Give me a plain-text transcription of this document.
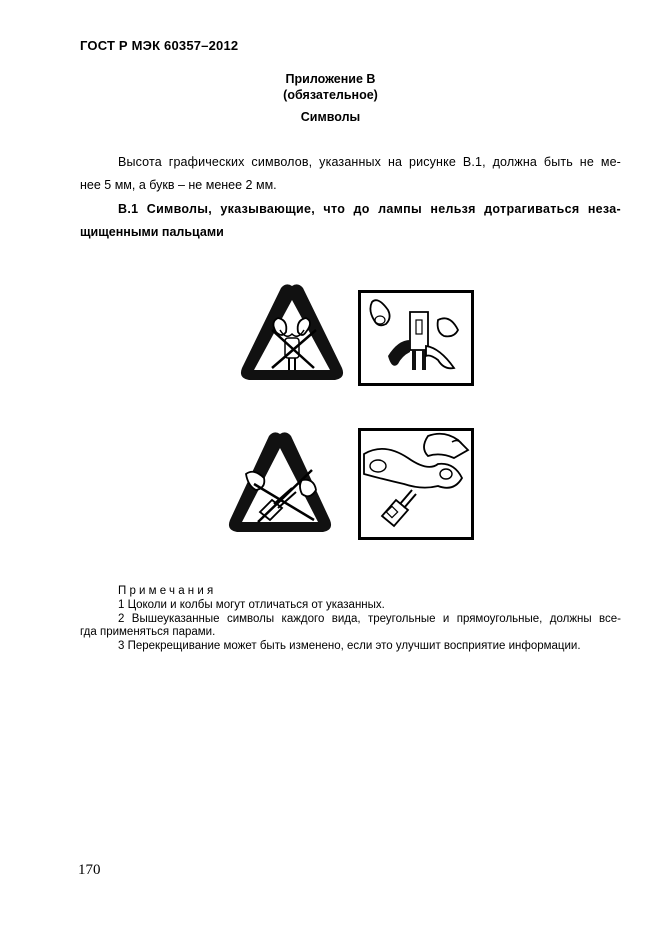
ГОСТ Р МЭК 60357–2012
Приложение В
(обязательное)
Символы
Высота графических символов, указанных на рисунке В.1, должна быть не ме-
нее 5 мм, а букв – не менее 2 мм.
В.1 Символы, указывающие, что до лампы нельзя дотрагиваться неза-
щищенными пальцами
Примечания
1 Цоколи и колбы могут отличаться от указанных.
2 Вышеуказанные символы каждого вида, треугольные и прямоугольные, должны все-
гда применяться парами.
3 Перекрещивание может быть изменено, если это улучшит восприятие информации.
170
